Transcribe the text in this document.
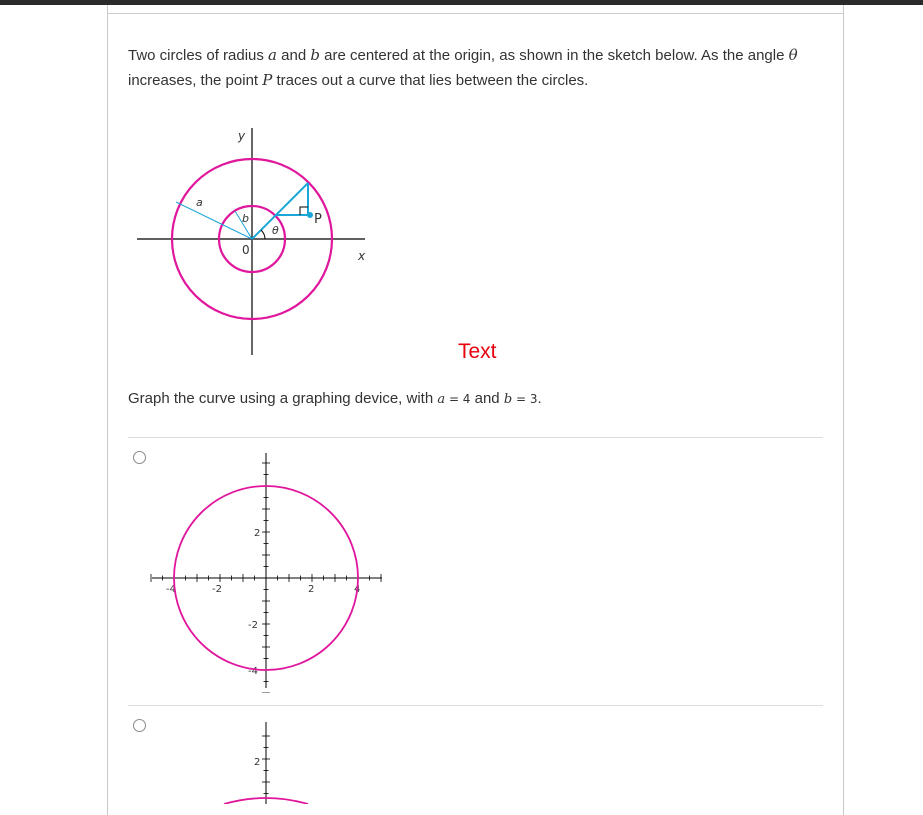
Two circles of radius a and b are centered at the origin, as shown in the sketch below. As the angle θ increases, the point P traces out a curve that lies between the circles.

y
x
a
b
0
θ
P
Text
Graph the curve using a graphing device, with a = 4 and b = 3.
-4	-2	2	4
2
-2
-4
2
